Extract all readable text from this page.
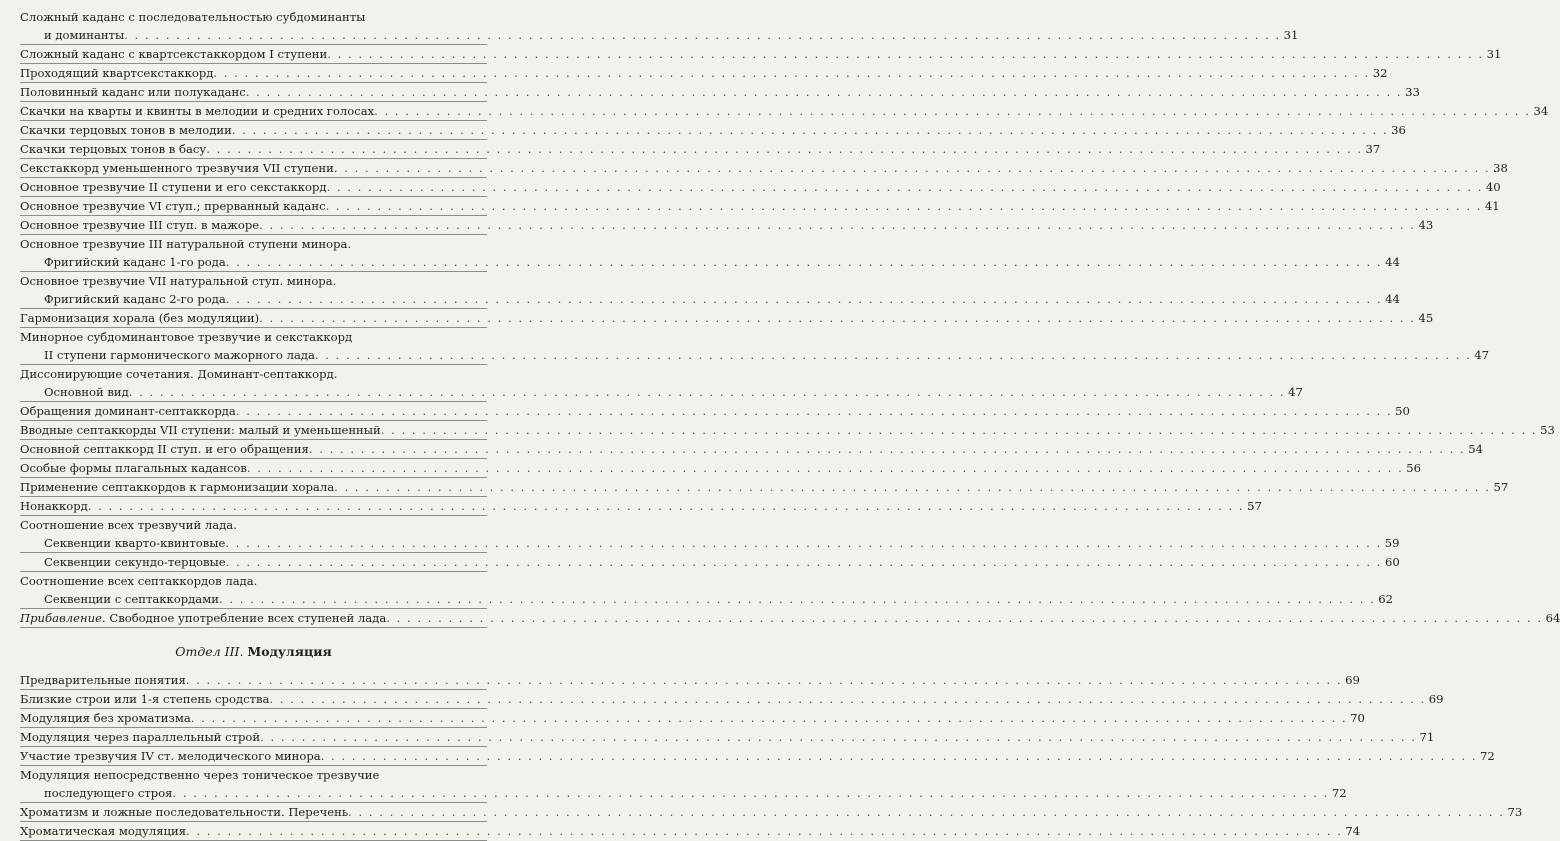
Сложный каданс с последовательностью субдоминанты
и доминанты . . .	31
Сложный каданс с квартсекстаккордом I ступени . . .	31
Проходящий квартсекстаккорд . . .	32
Половинный каданс или полукаданс . . .	33
Скачки на кварты и квинты в мелодии и средних голосах . . .	34
Скачки терцовых тонов в мелодии . . .	36
Скачки терцовых тонов в басу . . .	37
Секстаккорд уменьшенного трезвучия VII ступени . . .	38
Основное трезвучие II ступени и его секстаккорд . . .	40
Основное трезвучие VI ступ.; прерванный каданс . . .	41
Основное трезвучие III ступ. в мажоре . . .	43
Основное трезвучие III натуральной ступени минора.
Фригийский каданс 1-го рода . . .	44
Основное трезвучие VII натуральной ступ. минора.
Фригийский каданс 2-го рода . . .	44
Гармонизация хорала (без модуляции) . . .	45
Минорное субдоминантовое трезвучие и секстаккорд
II ступени гармонического мажорного лада . . .	47
Диссонирующие сочетания. Доминант-септаккорд.
Основной вид . . .	47
Обращения доминант-септаккорда . . .	50
Вводные септаккорды VII ступени: малый и уменьшенный . . .	53
Основной септаккорд II ступ. и его обращения . . .	54
Особые формы плагальных кадансов . . .	56
Применение септаккордов к гармонизации хорала . . .	57
Нонаккорд . . .	57
Соотношение всех трезвучий лада.
Секвенции кварто-квинтовые . . .	59
Секвенции секундо-терцовые . . .	60
Соотношение всех септаккордов лада.
Секвенции с септаккордами . . .	62
Прибавление. Свободное употребление всех ступеней лада . . .	64
Отдел III. Модуляция
Предварительные понятия . . .	69
Близкие строи или 1-я степень сродства . . .	69
Модуляция без хроматизма . . .	70
Модуляция через параллельный строй . . .	71
Участие трезвучия IV ст. мелодического минора . . .	72
Модуляция непосредственно через тоническое трезвучие
последующего строя . . .	72
Хроматизм и ложные последовательности. Перечень . . .	73
Хроматическая модуляция . . .	74
